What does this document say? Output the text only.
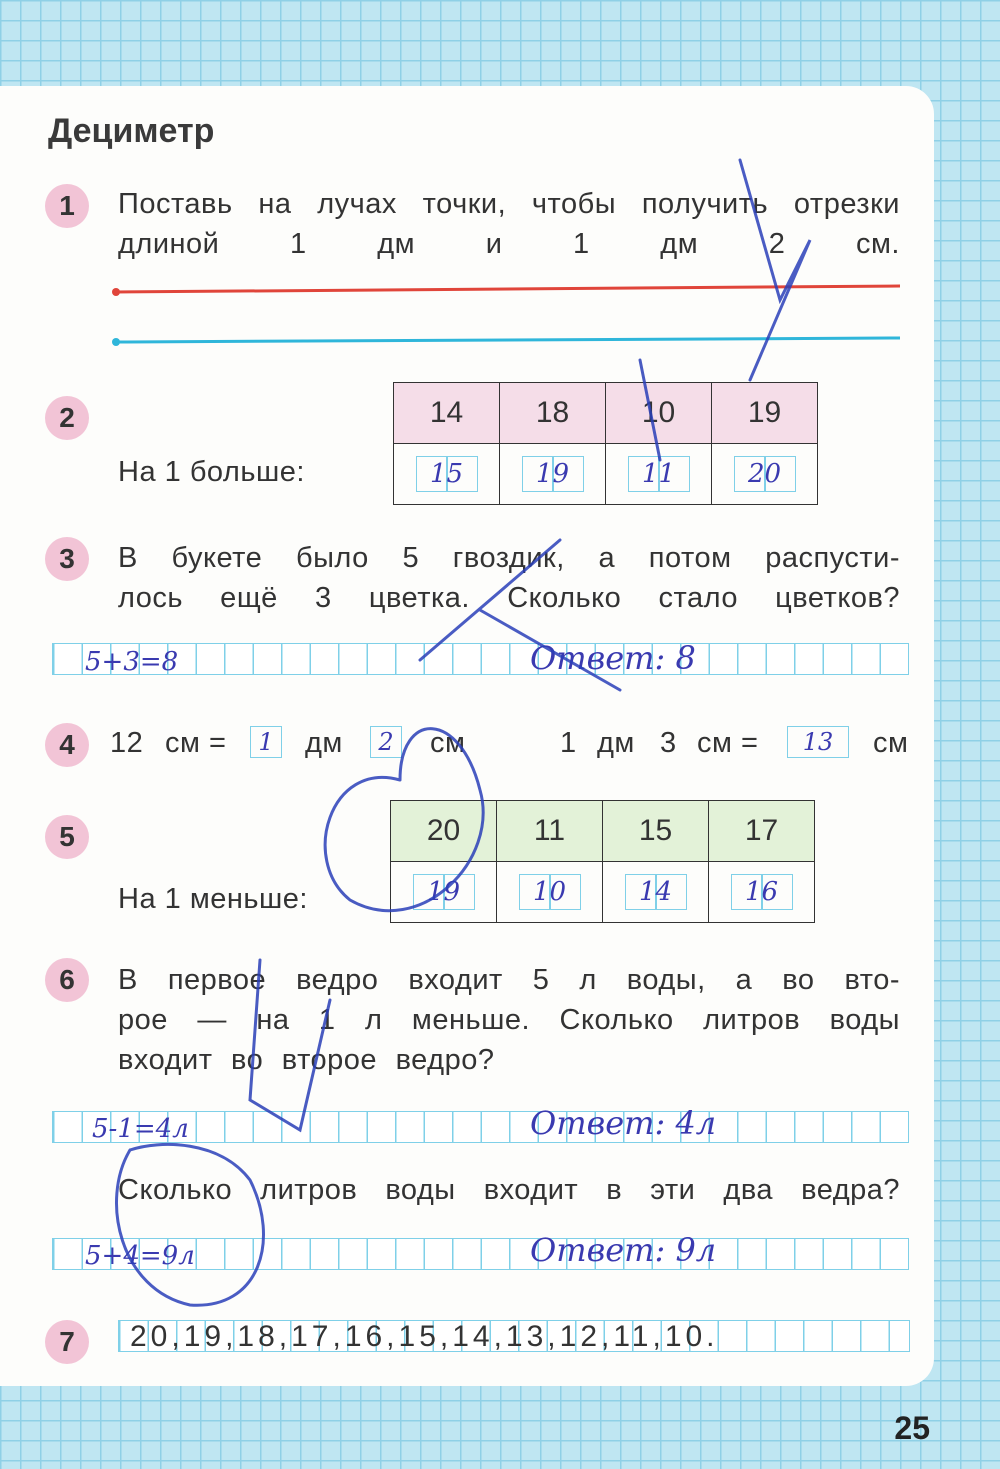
Дециметр
1	Поставь на лучах точки, чтобы получить отрезки длиной 1 дм и 1 дм 2 см.
2
На 1 больше:
14	18	10	19
15	19	11	20
3	В букете было 5 гвоздик, а потом распусти-
лось ещё 3 цветка. Сколько стало цветков?
5+3=8	Ответ: 8
4	12 см =	1 дм	2 см	1 дм 3 см =	13	см
5
На 1 меньше:
20	11	15	17
19	10	14	16
6	В первое ведро входит 5 л воды, а во вто-
рое — на 1 л меньше. Сколько литров воды
входит во второе ведро?
5-1=4л	Ответ: 4л
Сколько литров воды входит в эти два ведра?
5+4=9л	Ответ: 9л
7	20,19,18,17,16,15,14,13,12,11,10.
25
